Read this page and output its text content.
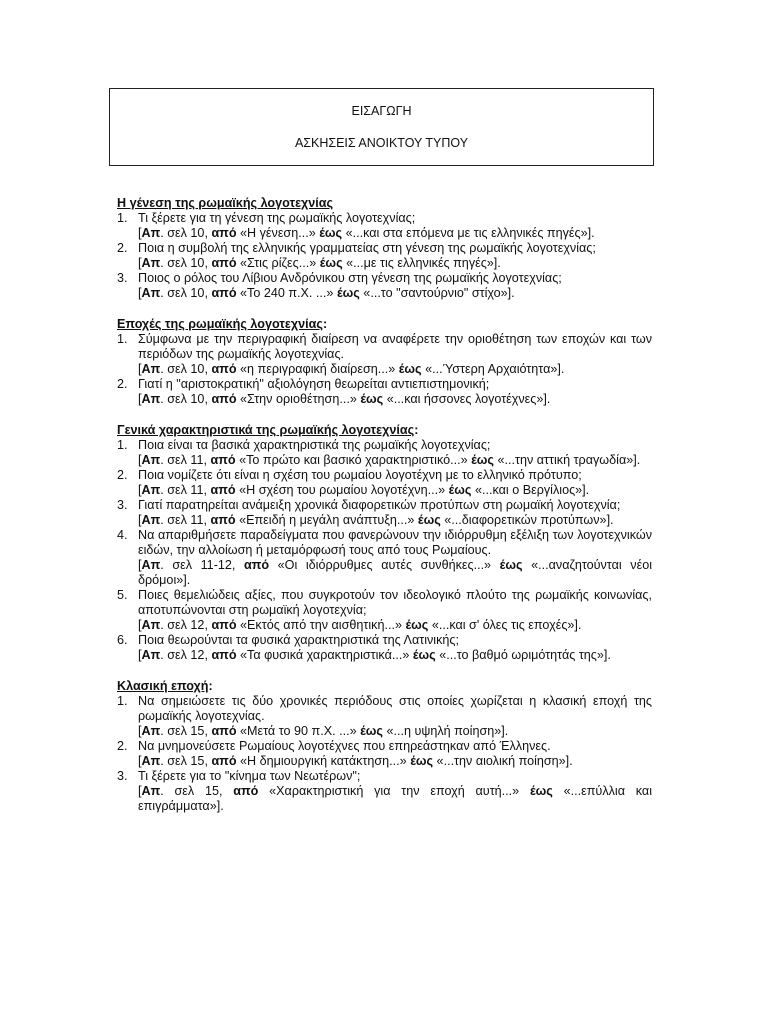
ΕΙΣΑΓΩΓΗ
ΑΣΚΗΣΕΙΣ ΑΝΟΙΚΤΟΥ ΤΥΠΟΥ
Η γένεση της ρωμαϊκής λογοτεχνίας
1. Τι ξέρετε για τη γένεση της ρωμαϊκής λογοτεχνίας;
[Απ. σελ 10, από «Η γένεση...» έως «...και στα επόμενα με τις ελληνικές πηγές»].
2. Ποια η συμβολή της ελληνικής γραμματείας στη γένεση της ρωμαϊκής λογοτεχνίας;
[Απ. σελ 10, από «Στις ρίζες...» έως «...με τις ελληνικές πηγές»].
3. Ποιος ο ρόλος του Λίβιου Ανδρόνικου στη γένεση της ρωμαϊκής λογοτεχνίας;
[Απ. σελ 10, από «Το 240 π.Χ. ...» έως «...το "σαντούρνιο" στίχο»].
Εποχές της ρωμαϊκής λογοτεχνίας:
1. Σύμφωνα με την περιγραφική διαίρεση να αναφέρετε την οριοθέτηση των εποχών και των περιόδων της ρωμαϊκής λογοτεχνίας.
[Απ. σελ 10, από «η περιγραφική διαίρεση...» έως «...Ύστερη Αρχαιότητα»].
2. Γιατί η "αριστοκρατική" αξιολόγηση θεωρείται αντιεπιστημονική;
[Απ. σελ 10, από «Στην οριοθέτηση...» έως «...και ήσσονες λογοτέχνες»].
Γενικά χαρακτηριστικά της ρωμαϊκής λογοτεχνίας:
1. Ποια είναι τα βασικά χαρακτηριστικά της ρωμαϊκής λογοτεχνίας;
[Απ. σελ 11, από «Το πρώτο και βασικό χαρακτηριστικό...» έως «...την αττική τραγωδία»].
2. Ποια νομίζετε ότι είναι η σχέση του ρωμαίου λογοτέχνη με το ελληνικό πρότυπο;
[Απ. σελ 11, από «Η σχέση του ρωμαίου λογοτέχνη...» έως «...και ο Βεργίλιος»].
3. Γιατί παρατηρείται ανάμειξη χρονικά διαφορετικών προτύπων στη ρωμαϊκή λογοτεχνία;
[Απ. σελ 11, από «Επειδή η μεγάλη ανάπτυξη...» έως «...διαφορετικών προτύπων»].
4. Να απαριθμήσετε παραδείγματα που φανερώνουν την ιδιόρρυθμη εξέλιξη των λογοτεχνικών ειδών, την αλλοίωση ή μεταμόρφωσή τους από τους Ρωμαίους.
[Απ. σελ 11-12, από «Οι ιδιόρρυθμες αυτές συνθήκες...» έως «...αναζητούνται νέοι δρόμοι»].
5. Ποιες θεμελιώδεις αξίες, που συγκροτούν τον ιδεολογικό πλούτο της ρωμαϊκής κοινωνίας, αποτυπώνονται στη ρωμαϊκή λογοτεχνία;
[Απ. σελ 12, από «Εκτός από την αισθητική...» έως «...και σ' όλες τις εποχές»].
6. Ποια θεωρούνται τα φυσικά χαρακτηριστικά της Λατινικής;
[Απ. σελ 12, από «Τα φυσικά χαρακτηριστικά...» έως «...το βαθμό ωριμότητάς της»].
Κλασική εποχή:
1. Να σημειώσετε τις δύο χρονικές περιόδους στις οποίες χωρίζεται η κλασική εποχή της ρωμαϊκής λογοτεχνίας.
[Απ. σελ 15, από «Μετά το 90 π.Χ. ...» έως «...η υψηλή ποίηση»].
2. Να μνημονεύσετε Ρωμαίους λογοτέχνες που επηρεάστηκαν από Έλληνες.
[Απ. σελ 15, από «Η δημιουργική κατάκτηση...» έως «...την αιολική ποίηση»].
3. Τι ξέρετε για το "κίνημα των Νεωτέρων";
[Απ. σελ 15, από «Χαρακτηριστική για την εποχή αυτή...» έως «...επύλλια και επιγράμματα»].
